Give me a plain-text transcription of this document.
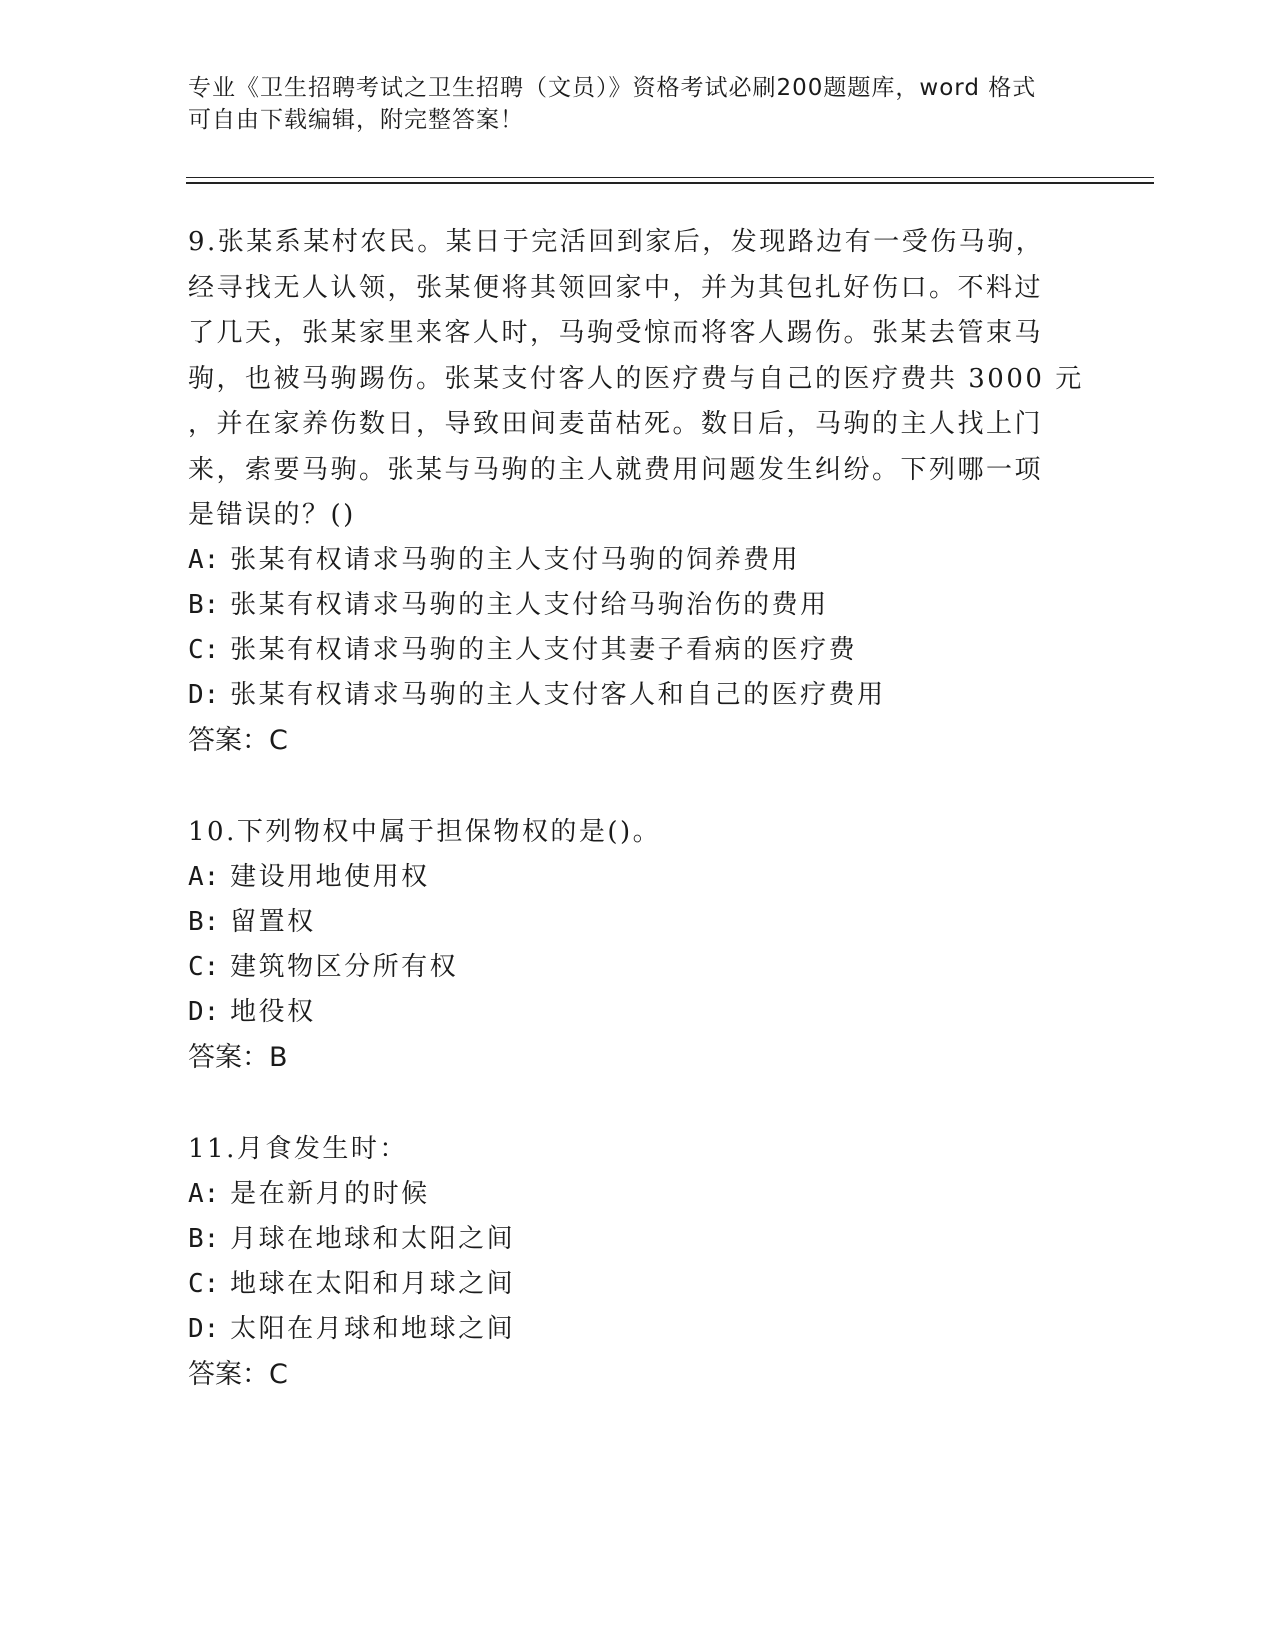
专业《卫生招聘考试之卫生招聘（文员）》资格考试必刷200题题库，word 格式
可自由下载编辑，附完整答案！
9.张某系某村农民。某日于完活回到家后，发现路边有一受伤马驹，
经寻找无人认领，张某便将其领回家中，并为其包扎好伤口。不料过
了几天，张某家里来客人时，马驹受惊而将客人踢伤。张某去管束马
驹，也被马驹踢伤。张某支付客人的医疗费与自己的医疗费共 3000 元
，并在家养伤数日，导致田间麦苗枯死。数日后，马驹的主人找上门
来，索要马驹。张某与马驹的主人就费用问题发生纠纷。下列哪一项
是错误的？()
A: 张某有权请求马驹的主人支付马驹的饲养费用
B: 张某有权请求马驹的主人支付给马驹治伤的费用
C: 张某有权请求马驹的主人支付其妻子看病的医疗费
D: 张某有权请求马驹的主人支付客人和自己的医疗费用
答案：C
10.下列物权中属于担保物权的是()。
A: 建设用地使用权
B: 留置权
C: 建筑物区分所有权
D: 地役权
答案：B
11.月食发生时：
A: 是在新月的时候
B: 月球在地球和太阳之间
C: 地球在太阳和月球之间
D: 太阳在月球和地球之间
答案：C
